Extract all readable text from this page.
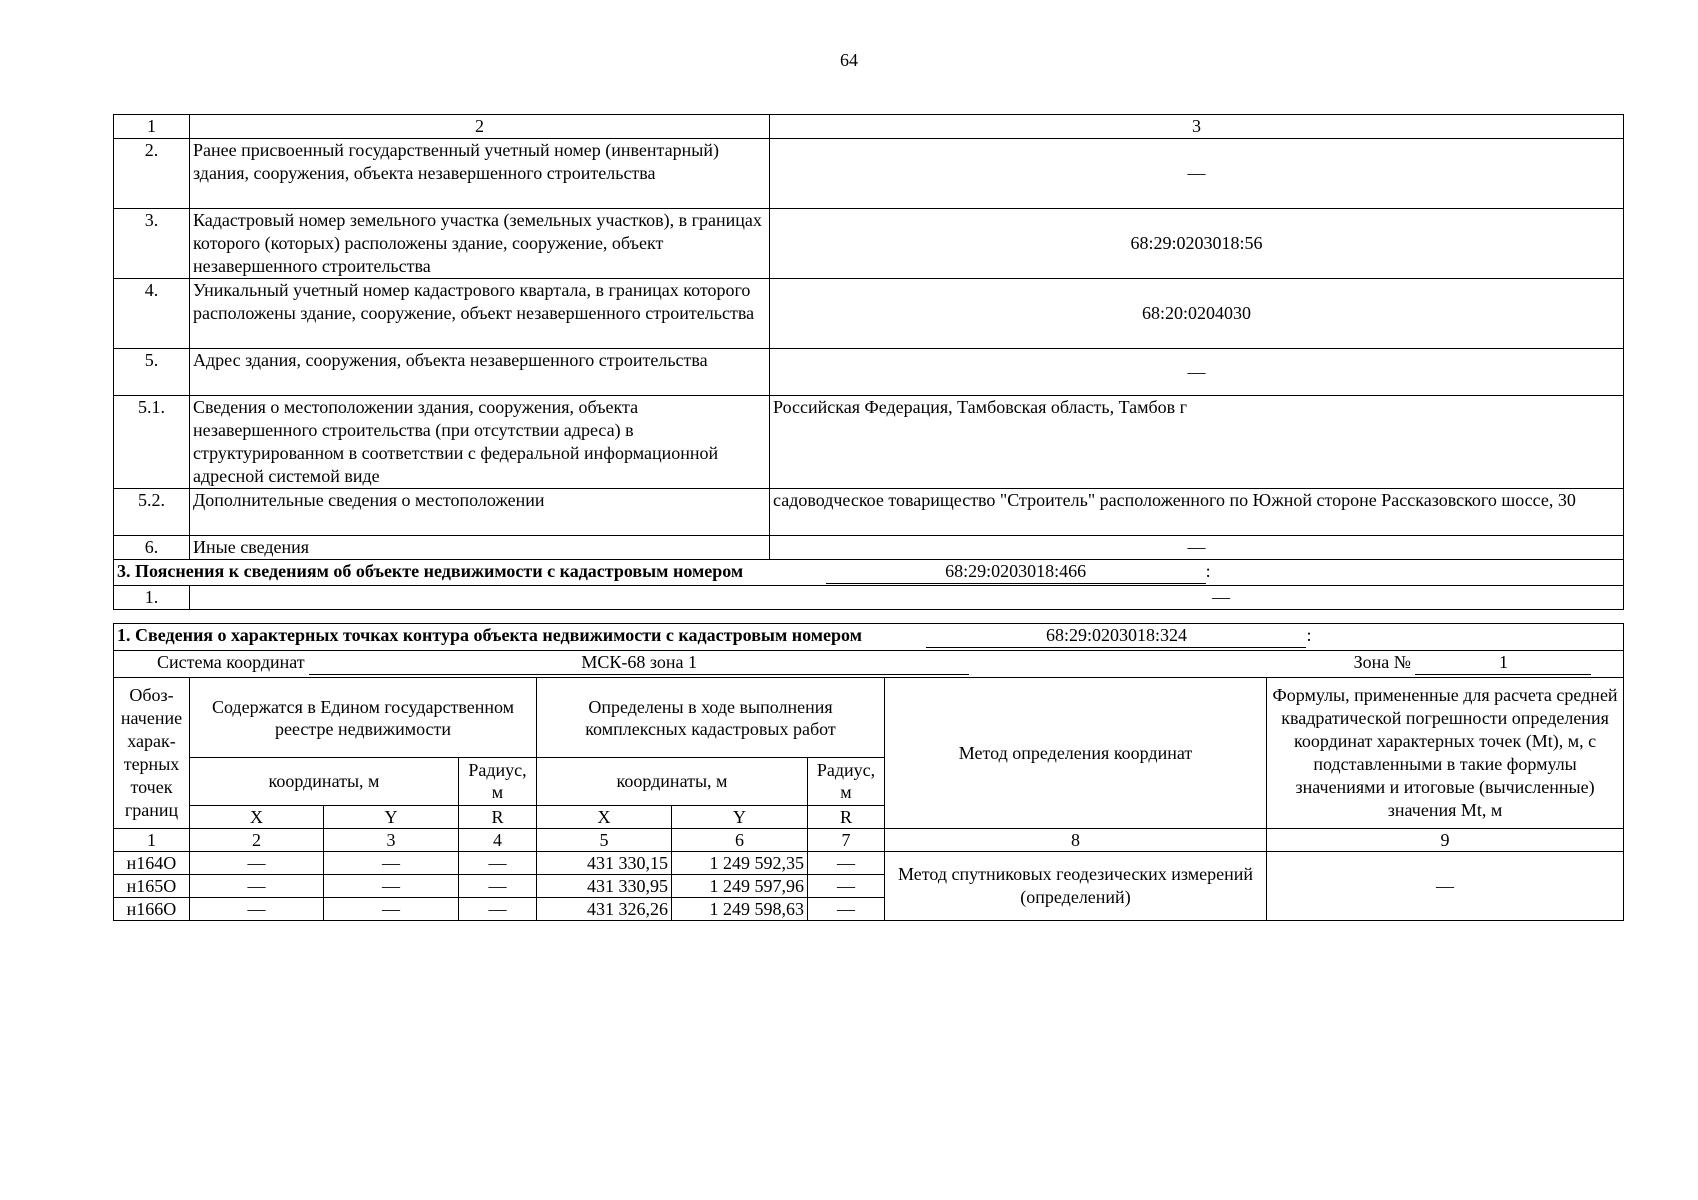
64
1	2	3
2.	Ранее присвоенный государственный учетный номер (инвентарный) здания, сооружения, объекта незавершенного строительства	—
3.	Кадастровый номер земельного участка (земельных участков), в границах которого (которых) расположены здание, сооружение, объект незавершенного строительства	68:29:0203018:56
4.	Уникальный учетный номер кадастрового квартала, в границах которого расположены здание, сооружение, объект незавершенного строительства	68:20:0204030
5.	Адрес здания, сооружения, объекта незавершенного строительства	—
5.1.	Сведения о местоположении здания, сооружения, объекта незавершенного строительства (при отсутствии адреса) в структурированном в соответствии с федеральной информационной адресной системой виде	Российская Федерация, Тамбовская область, Тамбов г
5.2.	Дополнительные сведения о местоположении	садоводческое товарищество "Строитель" расположенного по Южной стороне Рассказовского шоссе, 30
6.	Иные сведения	—
3. Пояснения к сведениям об объекте недвижимости с кадастровым номером 68:29:0203018:466 :		
1.	—	
1. Сведения о характерных точках контура объекта недвижимости с кадастровым номером 68:29:0203018:324 :								
Система координат МСК-68 зона 1 Зона № 1								
Обоз-начение харак-терных точек границ	Содержатся в Едином государственном реестре недвижимости			Определены в ходе выполнения комплексных кадастровых работ			Метод определения координат	Формулы, примененные для расчета средней квадратической погрешности определения координат характерных точек (Mt), м, с подставленными в такие формулы значениями и итоговые (вычисленные) значения Mt, м
	координаты, м		Радиус, м	координаты, м		Радиус, м		
	X	Y	R	X	Y	R		
1	2	3	4	5	6	7	8	9
н164О	—	—	—	431 330,15	1 249 592,35	—	Метод спутниковых геодезических измерений (определений)	—
н165О	—	—	—	431 330,95	1 249 597,96	—		
н166О	—	—	—	431 326,26	1 249 598,63	—		
